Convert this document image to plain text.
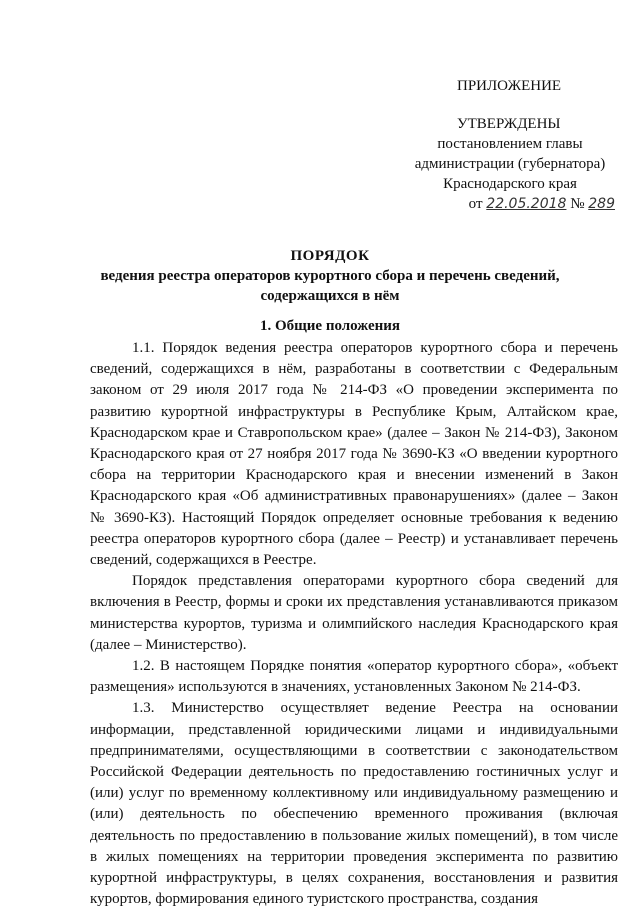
ПРИЛОЖЕНИЕ
УТВЕРЖДЕНЫ
постановлением главы
администрации (губернатора)
Краснодарского края
от 22.05.2018 № 289
ПОРЯДОК
ведения реестра операторов курортного сбора и перечень сведений,
содержащихся в нём
1. Общие положения

1.1. Порядок ведения реестра операторов курортного сбора и перечень сведений, содержащихся в нём, разработаны в соответствии с Федеральным законом от 29 июля 2017 года № 214-ФЗ «О проведении эксперимента по развитию курортной инфраструктуры в Республике Крым, Алтайском крае, Краснодарском крае и Ставропольском крае» (далее – Закон № 214-ФЗ), Законом Краснодарского края от 27 ноября 2017 года № 3690-КЗ «О введении курортного сбора на территории Краснодарского края и внесении изменений в Закон Краснодарского края «Об административных правонарушениях» (далее – Закон № 3690-КЗ). Настоящий Порядок определяет основные требования к ведению реестра операторов курортного сбора (далее – Реестр) и устанавливает перечень сведений, содержащихся в Реестре.

Порядок представления операторами курортного сбора сведений для включения в Реестр, формы и сроки их представления устанавливаются приказом министерства курортов, туризма и олимпийского наследия Краснодарского края (далее – Министерство).

1.2. В настоящем Порядке понятия «оператор курортного сбора», «объект размещения» используются в значениях, установленных Законом № 214-ФЗ.

1.3. Министерство осуществляет ведение Реестра на основании информации, представленной юридическими лицами и индивидуальными предпринимателями, осуществляющими в соответствии с законодательством Российской Федерации деятельность по предоставлению гостиничных услуг и (или) услуг по временному коллективному или индивидуальному размещению и (или) деятельность по обеспечению временного проживания (включая деятельность по предоставлению в пользование жилых помещений), в том числе в жилых помещениях на территории проведения эксперимента по развитию курортной инфраструктуры, в целях сохранения, восстановления и развития курортов, формирования единого туристского пространства, создания
